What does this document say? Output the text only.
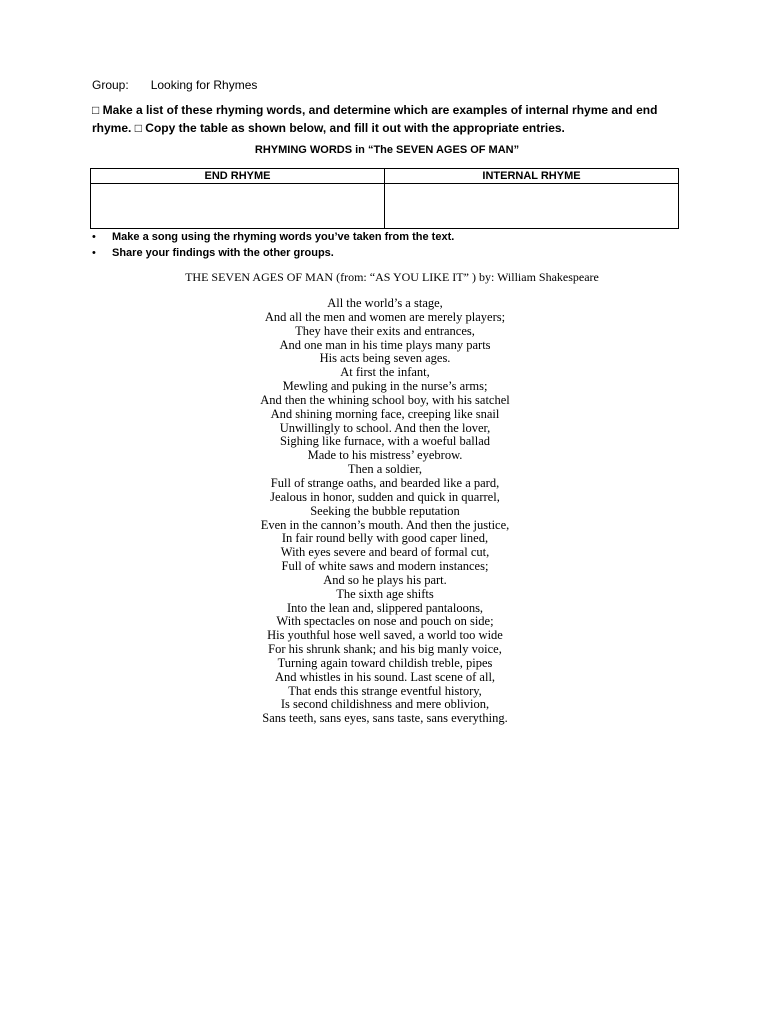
Group: Looking for Rhymes
□ Make a list of these rhyming words, and determine which are examples of internal rhyme and end rhyme. □ Copy the table as shown below, and fill it out with the appropriate entries.
RHYMING WORDS in “The SEVEN AGES OF MAN”
END RHYME	INTERNAL RHYME

• Make a song using the rhyming words you’ve taken from the text.
• Share your findings with the other groups.
THE SEVEN AGES OF MAN (from: “AS YOU LIKE IT” ) by: William Shakespeare
All the world’s a stage,
And all the men and women are merely players;
They have their exits and entrances,
And one man in his time plays many parts
His acts being seven ages.
At first the infant,
Mewling and puking in the nurse’s arms;
And then the whining school boy, with his satchel
And shining morning face, creeping like snail
Unwillingly to school. And then the lover,
Sighing like furnace, with a woeful ballad
Made to his mistress’ eyebrow.
Then a soldier,
Full of strange oaths, and bearded like a pard,
Jealous in honor, sudden and quick in quarrel,
Seeking the bubble reputation
Even in the cannon’s mouth. And then the justice,
In fair round belly with good caper lined,
With eyes severe and beard of formal cut,
Full of white saws and modern instances;
And so he plays his part.
The sixth age shifts
Into the lean and, slippered pantaloons,
With spectacles on nose and pouch on side;
His youthful hose well saved, a world too wide
For his shrunk shank; and his big manly voice,
Turning again toward childish treble, pipes
And whistles in his sound. Last scene of all,
That ends this strange eventful history,
Is second childishness and mere oblivion,
Sans teeth, sans eyes, sans taste, sans everything.
